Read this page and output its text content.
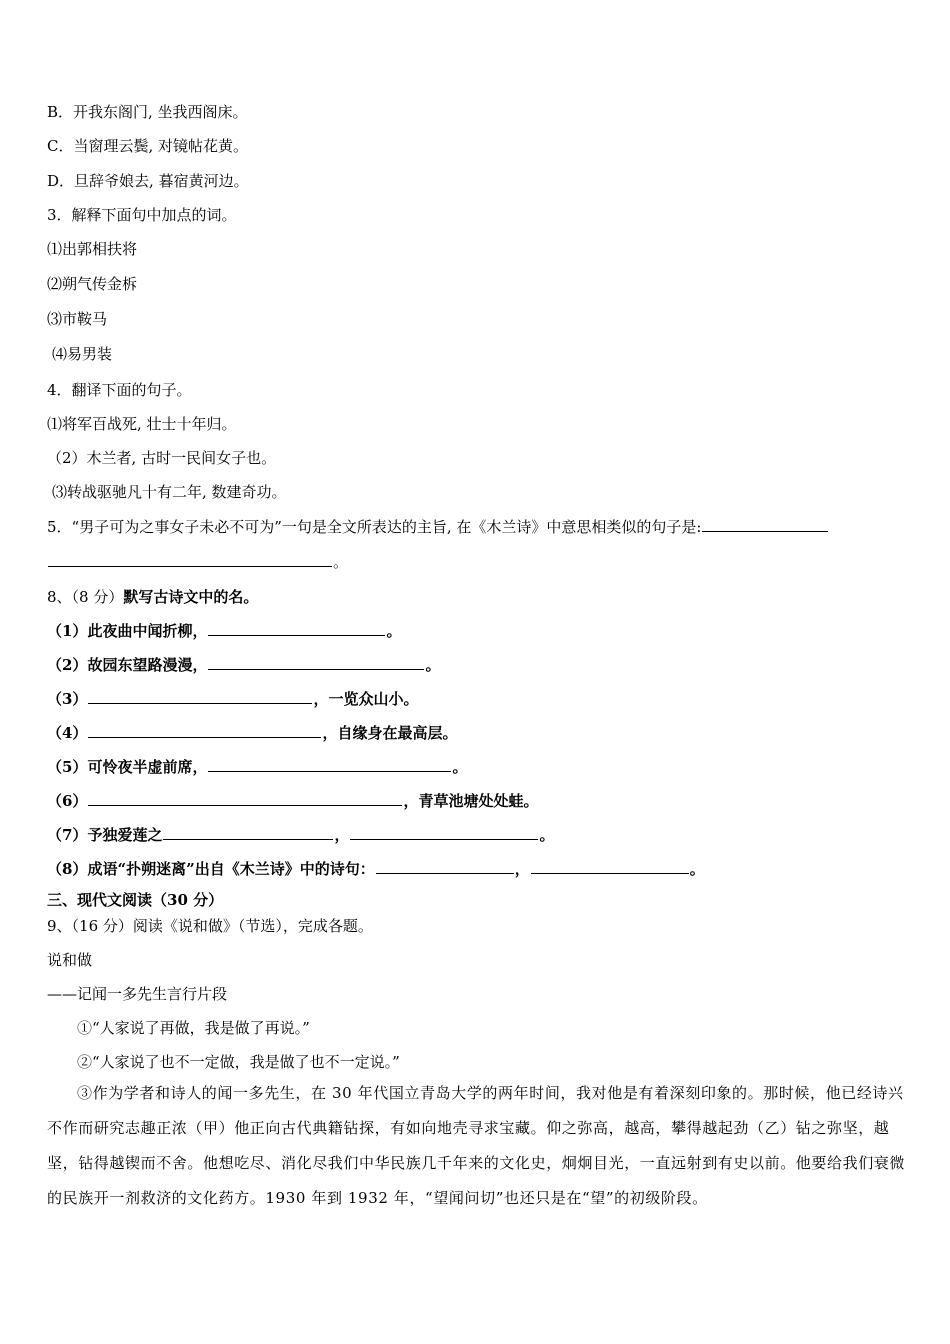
B．开我东阁门, 坐我西阁床。
C．当窗理云鬓, 对镜帖花黄。
D．旦辞爷娘去, 暮宿黄河边。
3．解释下面句中加点的词。
⑴出郭相扶将
⑵朔气传金柝
⑶市鞍马
⑷易男装
4．翻译下面的句子。
⑴将军百战死, 壮士十年归。
（2）木兰者, 古时一民间女子也。
⑶转战驱驰凡十有二年, 数建奇功。
5．“男子可为之事女子未必不可为”一句是全文所表达的主旨, 在《木兰诗》中意思相类似的句子是:
。
8、（8 分）默写古诗文中的名。
（1）此夜曲中闻折柳，	。
（2）故园东望路漫漫，	。
（3）	，一览众山小。
（4）	，自缘身在最高层。
（5）可怜夜半虚前席，	。
（6）	，青草池塘处处蛙。
（7）予独爱莲之	，	。
（8）成语“扑朔迷离”出自《木兰诗》中的诗句：	，	。
三、现代文阅读（30 分）
9、（16 分）阅读《说和做》（节选），完成各题。
说和做
——记闻一多先生言行片段
①“人家说了再做，我是做了再说。”
②“人家说了也不一定做，我是做了也不一定说。”
③作为学者和诗人的闻一多先生，在 30 年代国立青岛大学的两年时间，我对他是有着深刻印象的。那时候，他已经诗兴不作而研究志趣正浓（甲）他正向古代典籍钻探，有如向地壳寻求宝藏。仰之弥高，越高，攀得越起劲（乙）钻之弥坚，越坚，钻得越锲而不舍。他想吃尽、消化尽我们中华民族几千年来的文化史，炯炯目光，一直远射到有史以前。他要给我们衰微的民族开一剂救济的文化药方。1930 年到 1932 年，“望闻问切”也还只是在“望”的初级阶段。
